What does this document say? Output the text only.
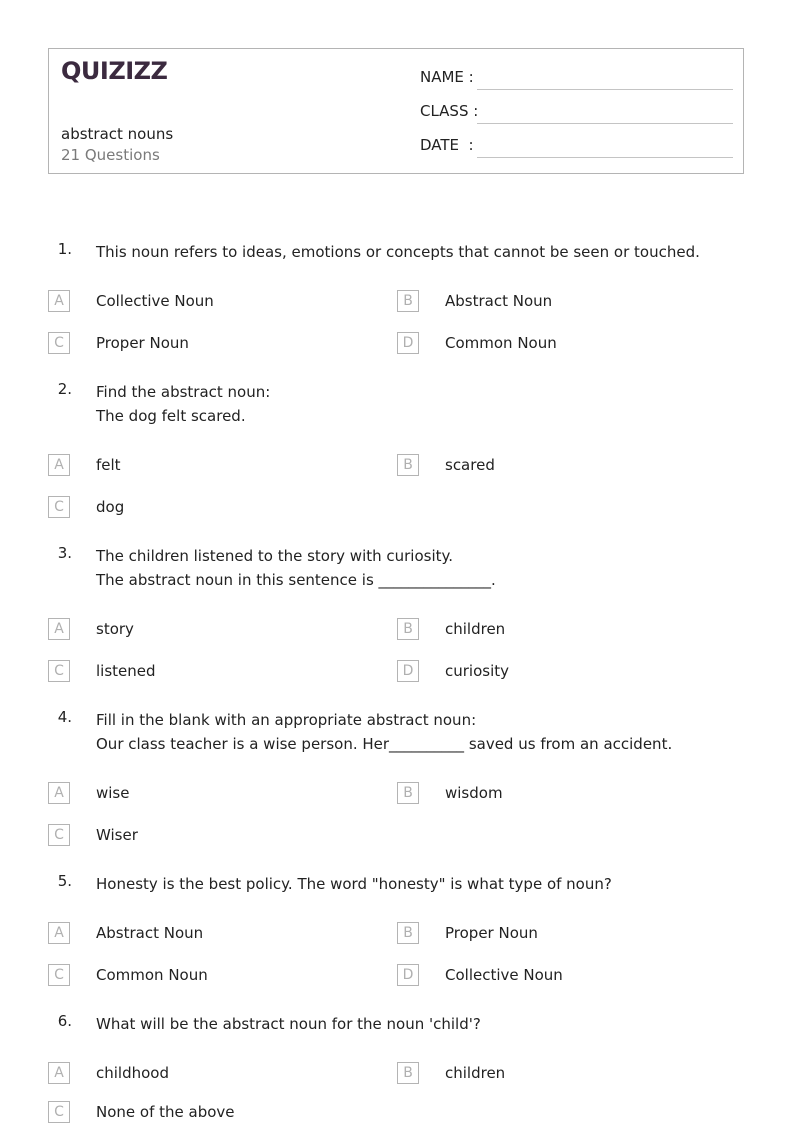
QUIZIZZ
abstract nouns
21 Questions
NAME :
CLASS :
DATE  :
1. This noun refers to ideas, emotions or concepts that cannot be seen or touched.
A	Collective Noun	B	Abstract Noun
C	Proper Noun	D	Common Noun
2. Find the abstract noun:
The dog felt scared.
A	felt	B	scared
C	dog
3. The children listened to the story with curiosity.
The abstract noun in this sentence is _______________.
A	story	B	children
C	listened	D	curiosity
4. Fill in the blank with an appropriate abstract noun:
Our class teacher is a wise person. Her__________ saved us from an accident.
A	wise	B	wisdom
C	Wiser
5. Honesty is the best policy. The word "honesty" is what type of noun?
A	Abstract Noun	B	Proper Noun
C	Common Noun	D	Collective Noun
6. What will be the abstract noun for the noun 'child'?
A	childhood	B	children
C	None of the above
